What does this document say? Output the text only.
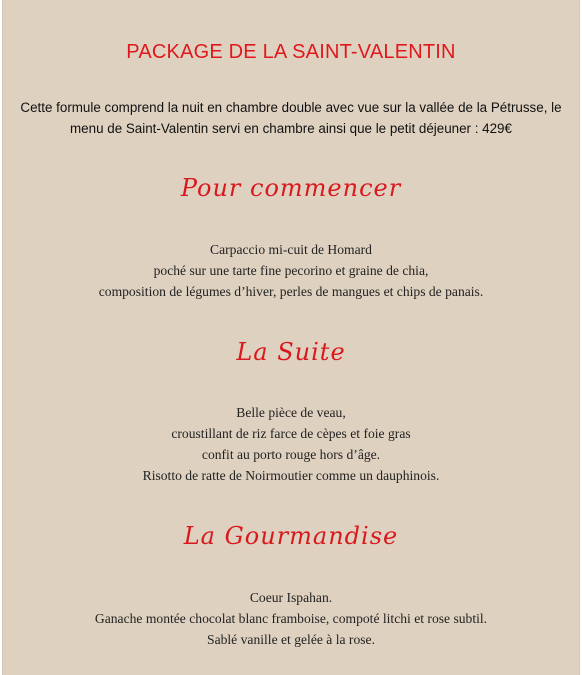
PACKAGE DE LA SAINT-VALENTIN
Cette formule comprend la nuit en chambre double avec vue sur la vallée de la Pétrusse, le
menu de Saint-Valentin servi en chambre ainsi que le petit déjeuner : 429€
Pour commencer
Carpaccio mi-cuit de Homard
poché sur une tarte fine pecorino et graine de chia,
composition de légumes d’hiver, perles de mangues et chips de panais.
La Suite
Belle pièce de veau,
croustillant de riz farce de cèpes et foie gras
confit au porto rouge hors d’âge.
Risotto de ratte de Noirmoutier comme un dauphinois.
La Gourmandise
Coeur Ispahan.
Ganache montée chocolat blanc framboise, compoté litchi et rose subtil.
Sablé vanille et gelée à la rose.
